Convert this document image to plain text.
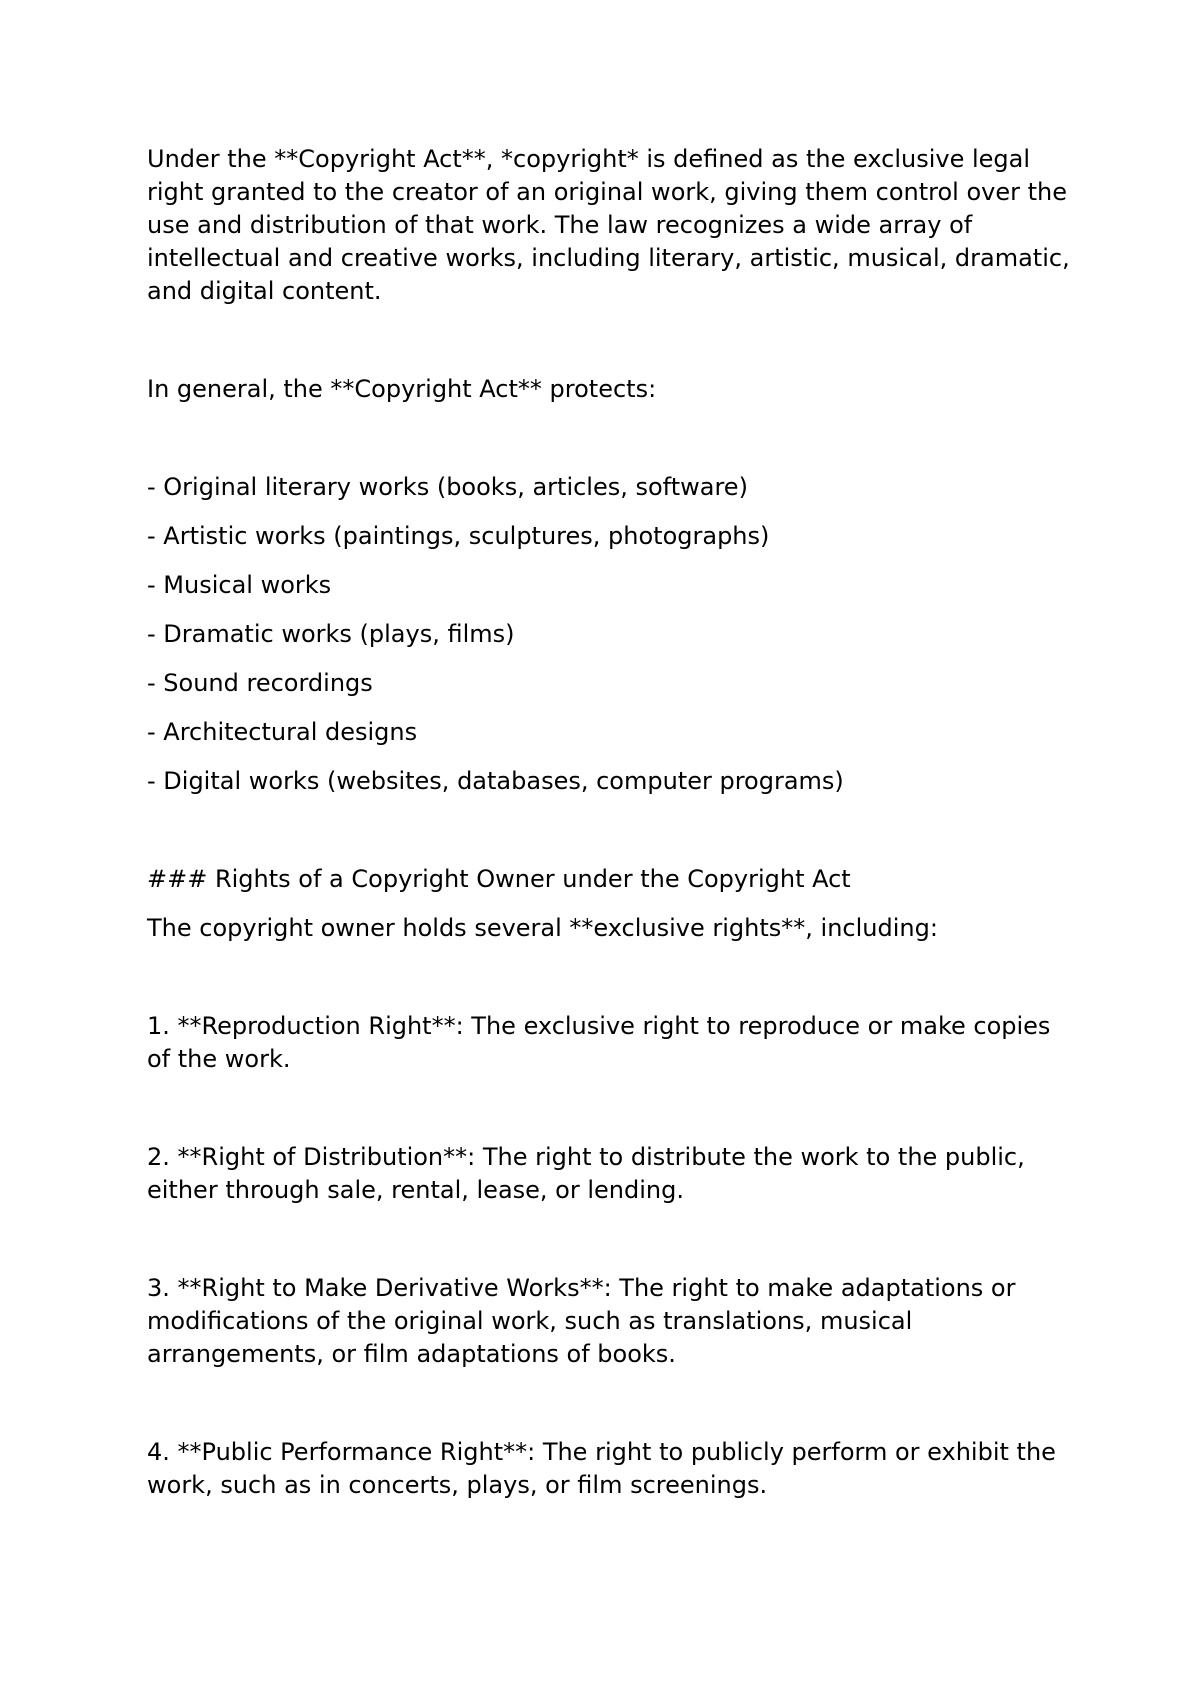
Under the **Copyright Act**, *copyright* is defined as the exclusive legal right granted to the creator of an original work, giving them control over the use and distribution of that work. The law recognizes a wide array of intellectual and creative works, including literary, artistic, musical, dramatic, and digital content.

In general, the **Copyright Act** protects:

- Original literary works (books, articles, software)

- Artistic works (paintings, sculptures, photographs)

- Musical works

- Dramatic works (plays, films)

- Sound recordings

- Architectural designs

- Digital works (websites, databases, computer programs)

### Rights of a Copyright Owner under the Copyright Act

The copyright owner holds several **exclusive rights**, including:

1. **Reproduction Right**: The exclusive right to reproduce or make copies of the work.

2. **Right of Distribution**: The right to distribute the work to the public, either through sale, rental, lease, or lending.

3. **Right to Make Derivative Works**: The right to make adaptations or modifications of the original work, such as translations, musical arrangements, or film adaptations of books.

4. **Public Performance Right**: The right to publicly perform or exhibit the work, such as in concerts, plays, or film screenings.
